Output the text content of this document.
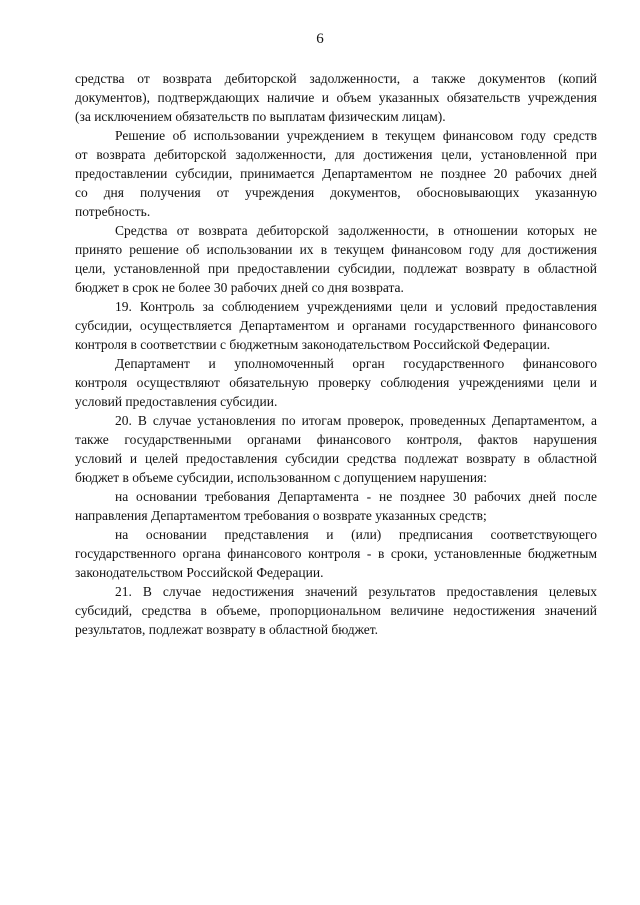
6
средства от возврата дебиторской задолженности, а также документов (копий
документов), подтверждающих наличие и объем указанных обязательств учреждения
(за исключением обязательств по выплатам физическим лицам).
Решение об использовании учреждением в текущем финансовом году средств
от возврата дебиторской задолженности, для достижения цели, установленной при
предоставлении субсидии, принимается Департаментом не позднее 20 рабочих дней
со дня получения от учреждения документов, обосновывающих указанную
потребность.
Средства от возврата дебиторской задолженности, в отношении которых не
принято решение об использовании их в текущем финансовом году для достижения
цели, установленной при предоставлении субсидии, подлежат возврату в областной
бюджет в срок не более 30 рабочих дней со дня возврата.
19. Контроль за соблюдением учреждениями цели и условий предоставления
субсидии, осуществляется Департаментом и органами государственного финансового
контроля в соответствии с бюджетным законодательством Российской Федерации.
Департамент и уполномоченный орган государственного финансового
контроля осуществляют обязательную проверку соблюдения учреждениями цели и
условий предоставления субсидии.
20. В случае установления по итогам проверок, проведенных Департаментом, а
также государственными органами финансового контроля, фактов нарушения
условий и целей предоставления субсидии средства подлежат возврату в областной
бюджет в объеме субсидии, использованном с допущением нарушения:
на основании требования Департамента - не позднее 30 рабочих дней после
направления Департаментом требования о возврате указанных средств;
на основании представления и (или) предписания соответствующего
государственного органа финансового контроля - в сроки, установленные бюджетным
законодательством Российской Федерации.
21. В случае недостижения значений результатов предоставления целевых
субсидий, средства в объеме, пропорциональном величине недостижения значений
результатов, подлежат возврату в областной бюджет.
